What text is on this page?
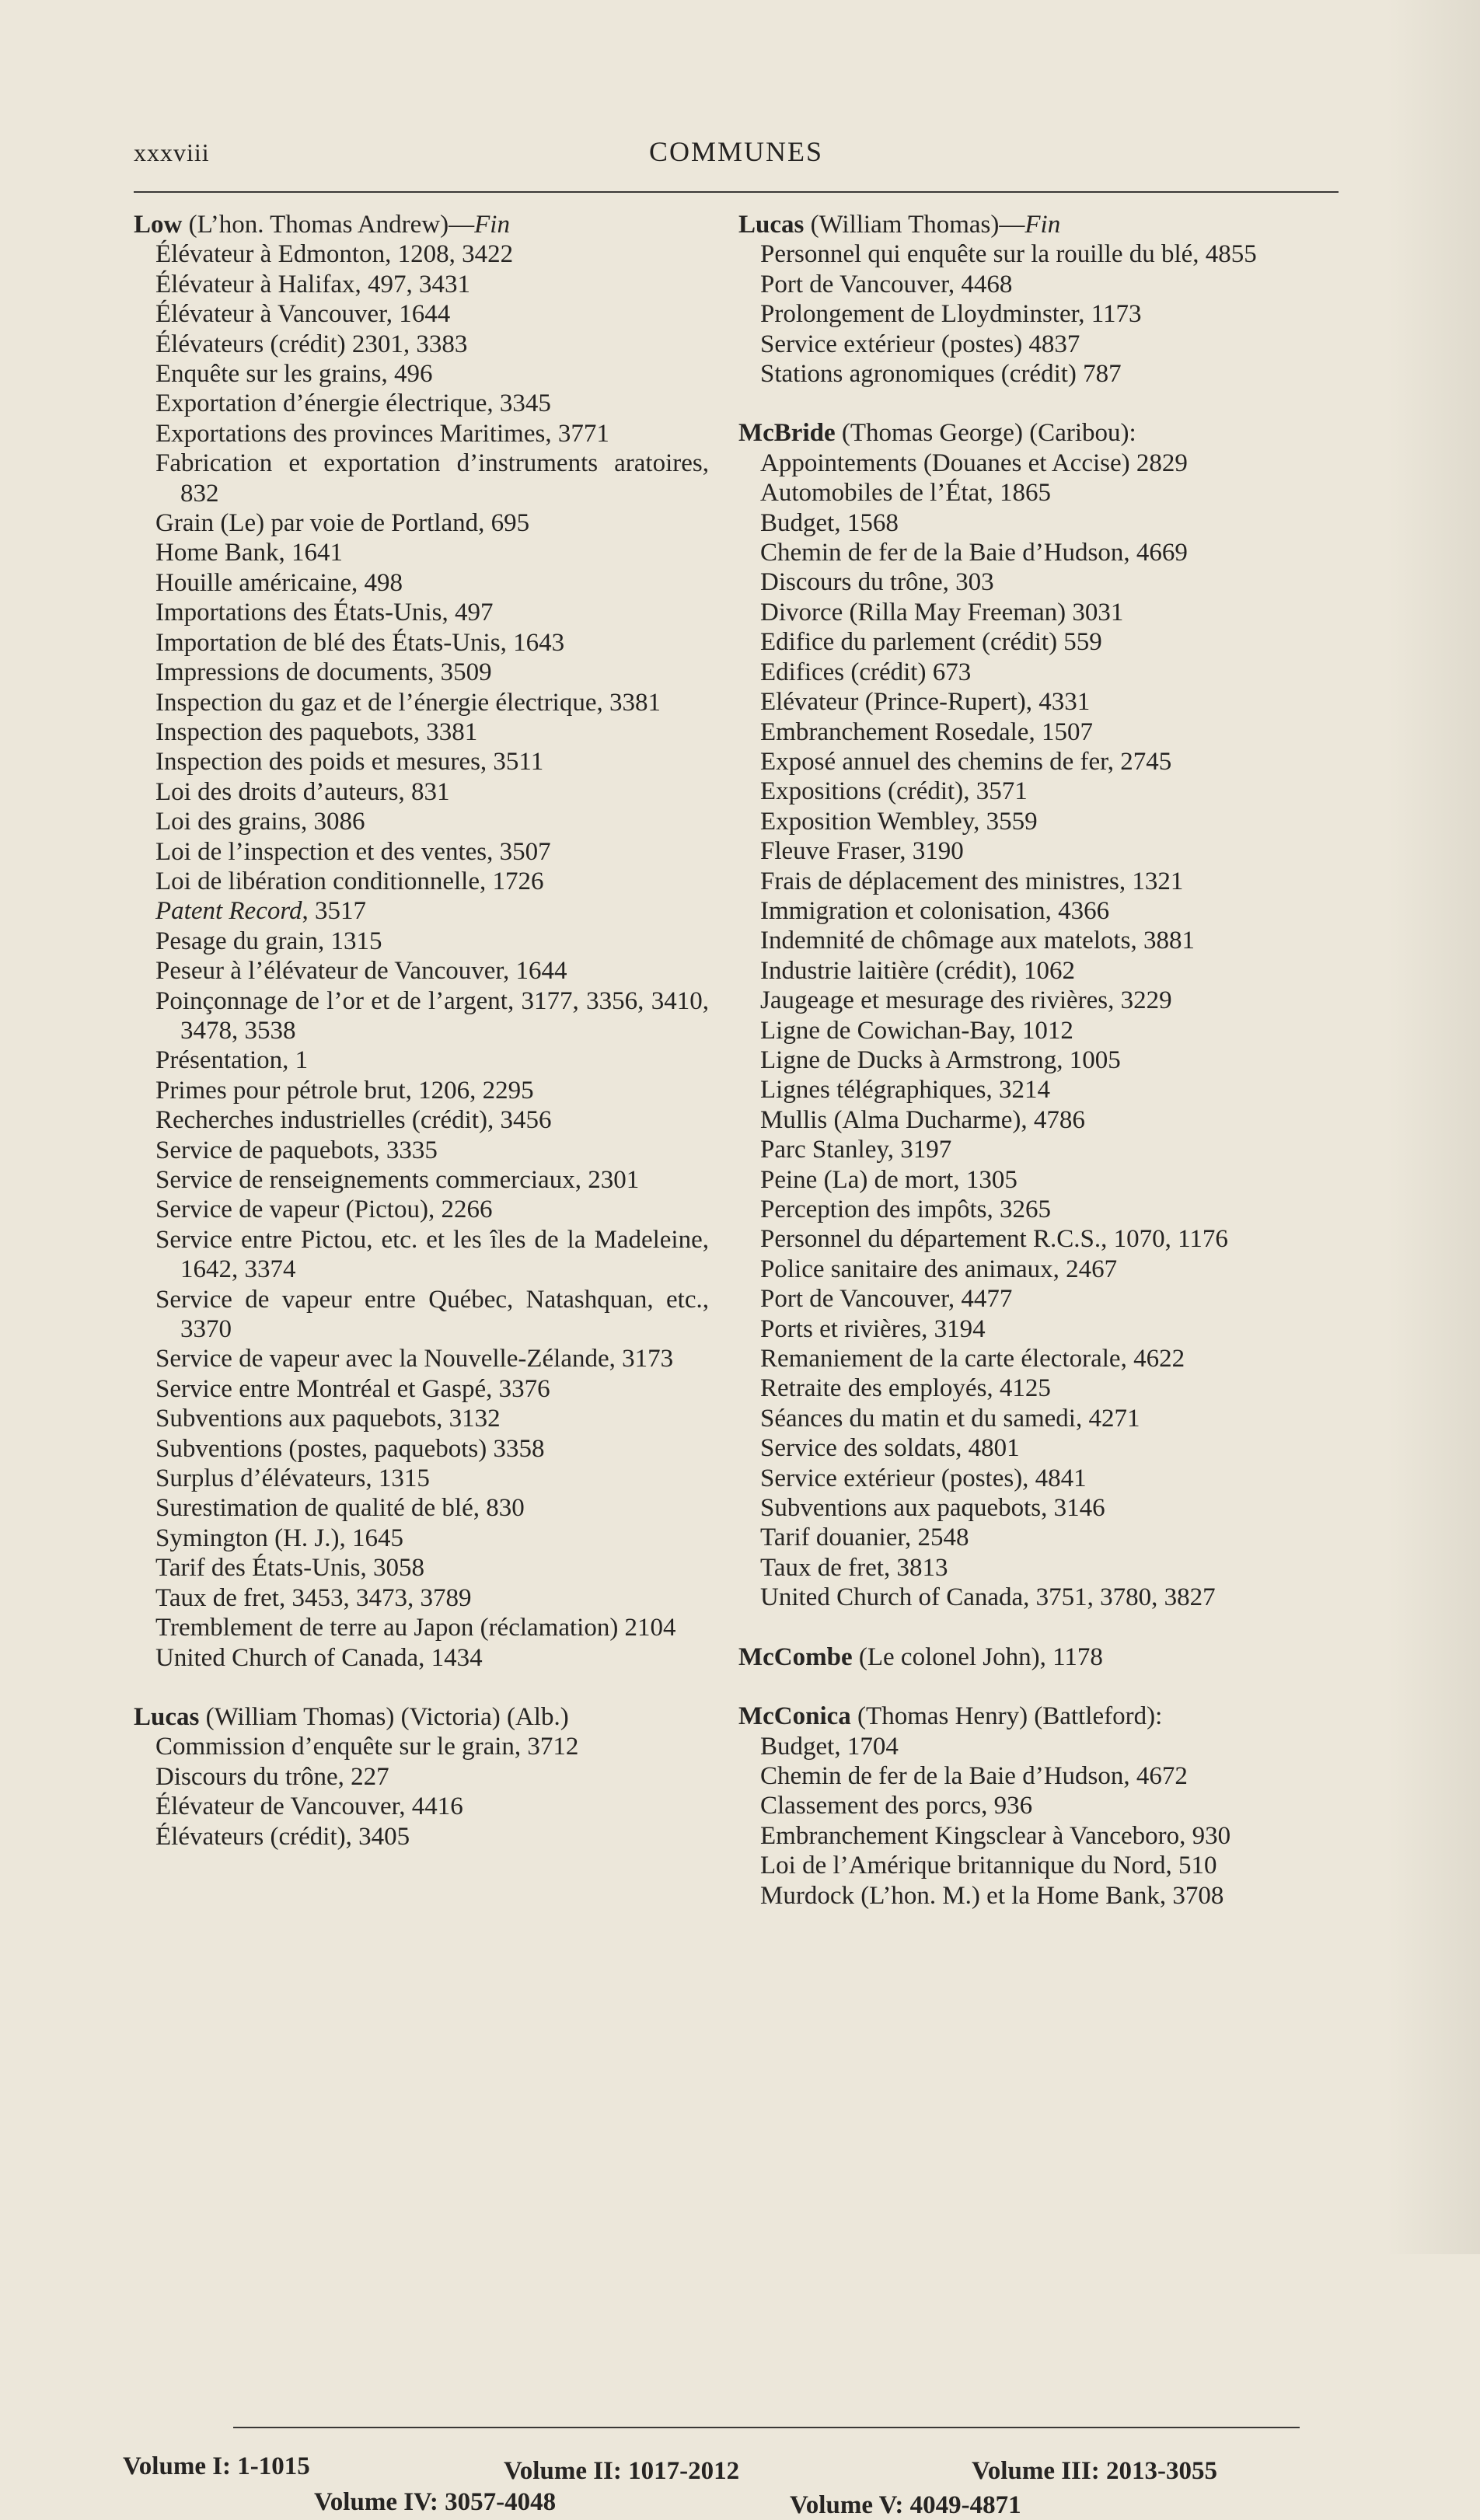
xxxviii	COMMUNES

Low (L’hon. Thomas Andrew)—Fin

Élévateur à Edmonton, 1208, 3422

Élévateur à Halifax, 497, 3431

Élévateur à Vancouver, 1644

Élévateurs (crédit) 2301, 3383

Enquête sur les grains, 496

Exportation d’énergie électrique, 3345

Exportations des provinces Maritimes, 3771

Fabrication et exportation d’instruments aratoires, 832

Grain (Le) par voie de Portland, 695

Home Bank, 1641

Houille américaine, 498

Importations des États-Unis, 497

Importation de blé des États-Unis, 1643

Impressions de documents, 3509

Inspection du gaz et de l’énergie électrique, 3381

Inspection des paquebots, 3381

Inspection des poids et mesures, 3511

Loi des droits d’auteurs, 831

Loi des grains, 3086

Loi de l’inspection et des ventes, 3507

Loi de libération conditionnelle, 1726

Patent Record, 3517

Pesage du grain, 1315

Peseur à l’élévateur de Vancouver, 1644

Poinçonnage de l’or et de l’argent, 3177, 3356, 3410, 3478, 3538

Présentation, 1

Primes pour pétrole brut, 1206, 2295

Recherches industrielles (crédit), 3456

Service de paquebots, 3335

Service de renseignements commerciaux, 2301

Service de vapeur (Pictou), 2266

Service entre Pictou, etc. et les îles de la Madeleine, 1642, 3374

Service de vapeur entre Québec, Natashquan, etc., 3370

Service de vapeur avec la Nouvelle-Zélande, 3173

Service entre Montréal et Gaspé, 3376

Subventions aux paquebots, 3132

Subventions (postes, paquebots) 3358

Surplus d’élévateurs, 1315

Surestimation de qualité de blé, 830

Symington (H. J.), 1645

Tarif des États-Unis, 3058

Taux de fret, 3453, 3473, 3789

Tremblement de terre au Japon (réclamation) 2104

United Church of Canada, 1434

Lucas (William Thomas) (Victoria) (Alb.)

Commission d’enquête sur le grain, 3712

Discours du trône, 227

Élévateur de Vancouver, 4416

Élévateurs (crédit), 3405

Lucas (William Thomas)—Fin

Personnel qui enquête sur la rouille du blé, 4855

Port de Vancouver, 4468

Prolongement de Lloydminster, 1173

Service extérieur (postes) 4837

Stations agronomiques (crédit) 787

McBride (Thomas George) (Caribou):

Appointements (Douanes et Accise) 2829

Automobiles de l’État, 1865

Budget, 1568

Chemin de fer de la Baie d’Hudson, 4669

Discours du trône, 303

Divorce (Rilla May Freeman) 3031

Edifice du parlement (crédit) 559

Edifices (crédit) 673

Elévateur (Prince-Rupert), 4331

Embranchement Rosedale, 1507

Exposé annuel des chemins de fer, 2745

Expositions (crédit), 3571

Exposition Wembley, 3559

Fleuve Fraser, 3190

Frais de déplacement des ministres, 1321

Immigration et colonisation, 4366

Indemnité de chômage aux matelots, 3881

Industrie laitière (crédit), 1062

Jaugeage et mesurage des rivières, 3229

Ligne de Cowichan-Bay, 1012

Ligne de Ducks à Armstrong, 1005

Lignes télégraphiques, 3214

Mullis (Alma Ducharme), 4786

Parc Stanley, 3197

Peine (La) de mort, 1305

Perception des impôts, 3265

Personnel du département R.C.S., 1070, 1176

Police sanitaire des animaux, 2467

Port de Vancouver, 4477

Ports et rivières, 3194

Remaniement de la carte électorale, 4622

Retraite des employés, 4125

Séances du matin et du samedi, 4271

Service des soldats, 4801

Service extérieur (postes), 4841

Subventions aux paquebots, 3146

Tarif douanier, 2548

Taux de fret, 3813

United Church of Canada, 3751, 3780, 3827

McCombe (Le colonel John), 1178

McConica (Thomas Henry) (Battleford):

Budget, 1704

Chemin de fer de la Baie d’Hudson, 4672

Classement des porcs, 936

Embranchement Kingsclear à Vanceboro, 930

Loi de l’Amérique britannique du Nord, 510

Murdock (L’hon. M.) et la Home Bank, 3708

Volume I: 1-1015	Volume II: 1017-2012	Volume III: 2013-3055
Volume IV: 3057-4048	Volume V: 4049-4871
